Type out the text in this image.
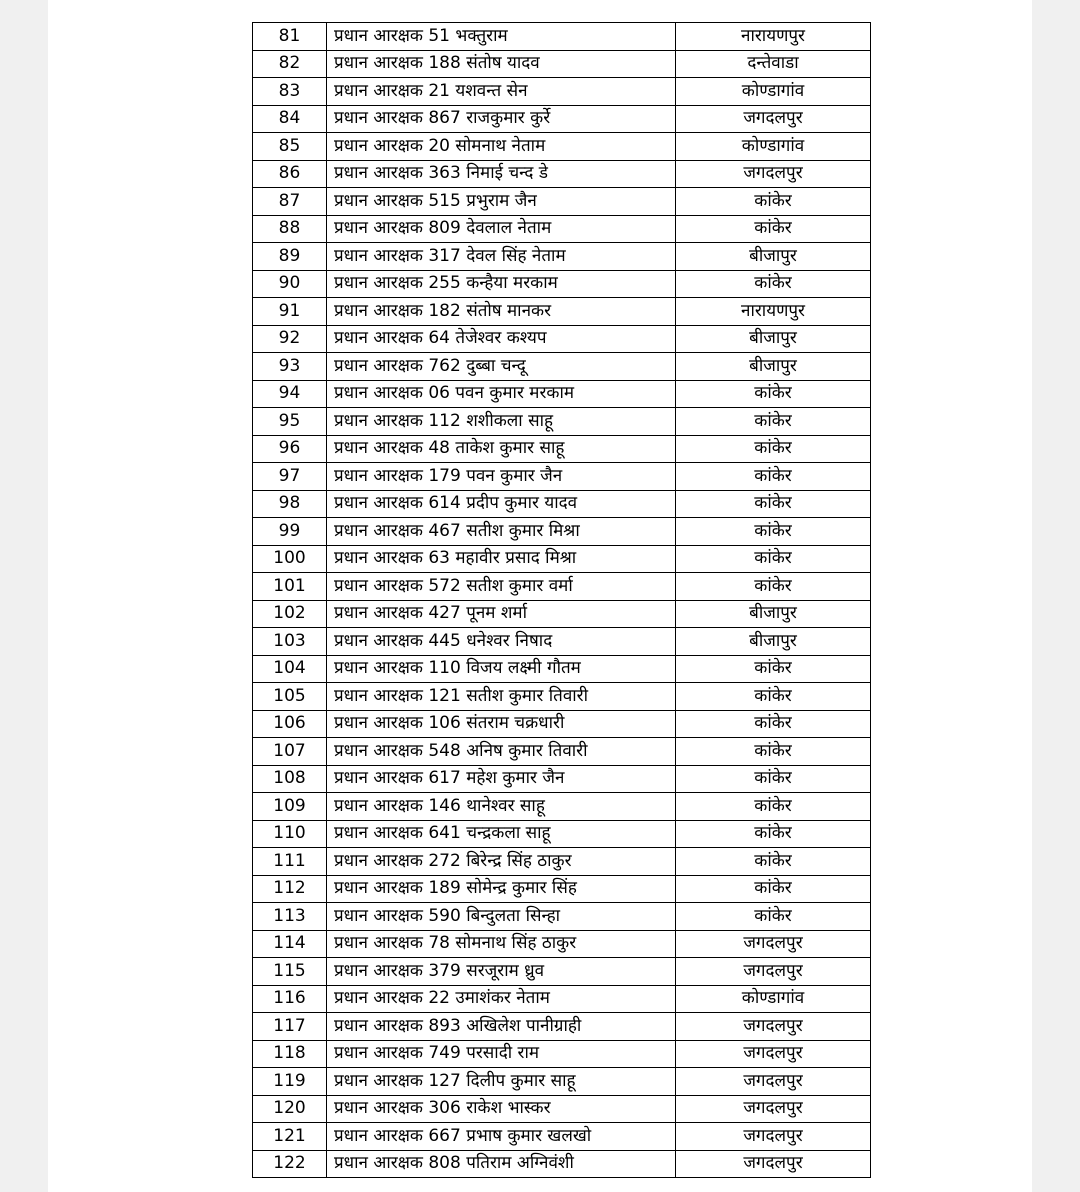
81	प्रधान आरक्षक 51 भक्तुराम	नारायणपुर
82	प्रधान आरक्षक 188 संतोष यादव	दन्तेवाडा
83	प्रधान आरक्षक 21 यशवन्त सेन	कोण्डागांव
84	प्रधान आरक्षक 867 राजकुमार कुर्रे	जगदलपुर
85	प्रधान आरक्षक 20 सोमनाथ नेताम	कोण्डागांव
86	प्रधान आरक्षक 363 निमाई चन्द डे	जगदलपुर
87	प्रधान आरक्षक 515 प्रभुराम जैन	कांकेर
88	प्रधान आरक्षक 809 देवलाल नेताम	कांकेर
89	प्रधान आरक्षक 317 देवल सिंह नेताम	बीजापुर
90	प्रधान आरक्षक 255 कन्हैया मरकाम	कांकेर
91	प्रधान आरक्षक 182 संतोष मानकर	नारायणपुर
92	प्रधान आरक्षक 64 तेजेश्वर कश्यप	बीजापुर
93	प्रधान आरक्षक 762 दुब्बा चन्दू	बीजापुर
94	प्रधान आरक्षक 06 पवन कुमार मरकाम	कांकेर
95	प्रधान आरक्षक 112 शशीकला साहू	कांकेर
96	प्रधान आरक्षक 48 ताकेश कुमार साहू	कांकेर
97	प्रधान आरक्षक 179 पवन कुमार जैन	कांकेर
98	प्रधान आरक्षक 614 प्रदीप कुमार यादव	कांकेर
99	प्रधान आरक्षक 467 सतीश कुमार मिश्रा	कांकेर
100	प्रधान आरक्षक 63 महावीर प्रसाद मिश्रा	कांकेर
101	प्रधान आरक्षक 572 सतीश कुमार वर्मा	कांकेर
102	प्रधान आरक्षक 427 पूनम शर्मा	बीजापुर
103	प्रधान आरक्षक 445 धनेश्वर निषाद	बीजापुर
104	प्रधान आरक्षक 110 विजय लक्ष्मी गौतम	कांकेर
105	प्रधान आरक्षक 121 सतीश कुमार तिवारी	कांकेर
106	प्रधान आरक्षक 106 संतराम चक्रधारी	कांकेर
107	प्रधान आरक्षक 548 अनिष कुमार तिवारी	कांकेर
108	प्रधान आरक्षक 617 महेश कुमार जैन	कांकेर
109	प्रधान आरक्षक 146 थानेश्वर साहू	कांकेर
110	प्रधान आरक्षक 641 चन्द्रकला साहू	कांकेर
111	प्रधान आरक्षक 272 बिरेन्द्र सिंह ठाकुर	कांकेर
112	प्रधान आरक्षक 189 सोमेन्द्र कुमार सिंह	कांकेर
113	प्रधान आरक्षक 590 बिन्दुलता सिन्हा	कांकेर
114	प्रधान आरक्षक 78 सोमनाथ सिंह ठाकुर	जगदलपुर
115	प्रधान आरक्षक 379 सरजूराम ध्रुव	जगदलपुर
116	प्रधान आरक्षक 22 उमाशंकर नेताम	कोण्डागांव
117	प्रधान आरक्षक 893 अखिलेश पानीग्राही	जगदलपुर
118	प्रधान आरक्षक 749 परसादी राम	जगदलपुर
119	प्रधान आरक्षक 127 दिलीप कुमार साहू	जगदलपुर
120	प्रधान आरक्षक 306 राकेश भास्कर	जगदलपुर
121	प्रधान आरक्षक 667 प्रभाष कुमार खलखो	जगदलपुर
122	प्रधान आरक्षक 808 पतिराम अग्निवंशी	जगदलपुर
